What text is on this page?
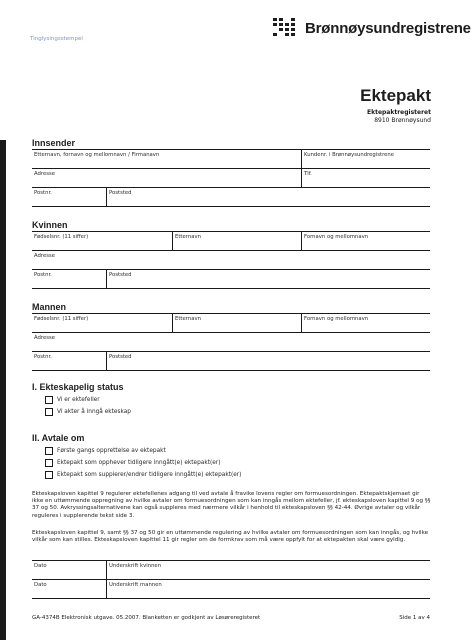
Tinglysingsstempel
Brønnøysundregistrene
Ektepakt
Ektepaktregisteret
8910 Brønnøysund
Innsender
Etternavn, fornavn og mellomnavn / Firmanavn	Kundenr. i Brønnøysundregistrene
Adresse	Tlf.
Postnr.	Poststed
Kvinnen
Fødselsnr. (11 siffer)	Etternavn	Fornavn og mellomnavn
Adresse
Postnr.	Poststed
Mannen
Fødselsnr. (11 siffer)	Etternavn	Fornavn og mellomnavn
Adresse
Postnr.	Poststed
I. Ekteskapelig status
Vi er ektefeller
Vi akter å inngå ekteskap
II. Avtale om
Første gangs opprettelse av ektepakt
Ektepakt som opphever tidligere inngått(e) ektepakt(er)
Ektepakt som supplerer/endrer tidligere inngått(e) ektepakt(er)
Ekteskapsloven kapittel 9 regulerer ektefellenes adgang til ved avtale å fravike lovens regler om formuesordningen. Ektepaktskjemaet gir ikke en uttømmende oppregning av hvilke avtaler om formuesordningen som kan inngås mellom ektefeller, jf. ekteskapsloven kapittel 9 og §§ 37 og 50. Avkryssingsalternativene kan også suppleres med nærmere vilkår i henhold til ekteskapsloven §§ 42-44. Øvrige avtaler og vilkår reguleres i supplerende tekst side 3.
Ekteskapsloven kapittel 9, samt §§ 37 og 50 gir en uttømmende regulering av hvilke avtaler om formuesordningen som kan inngås, og hvilke vilkår som kan stilles. Ekteskapsloven kapittel 11 gir regler om de formkrav som må være oppfylt for at ektepakten skal være gyldig.
Dato	Underskrift kvinnen
Dato	Underskrift mannen
GA-4374B Elektronisk utgave. 05.2007. Blanketten er godkjent av Løsøreregisteret	Side 1 av 4
